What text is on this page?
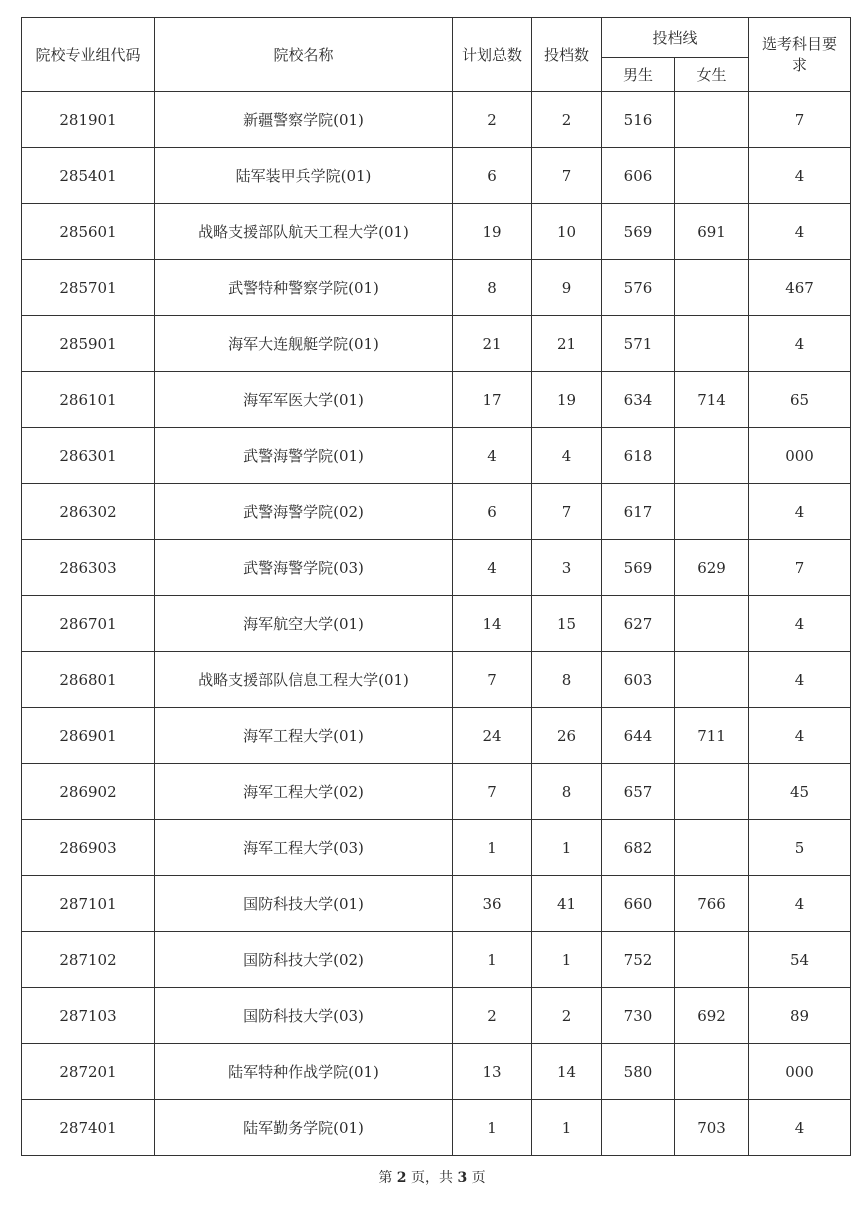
院校专业组代码	院校名称	计划总数	投档数	投档线		选考科目要求
				男生	女生	
281901	新疆警察学院(01)	2	2	516		7
285401	陆军装甲兵学院(01)	6	7	606		4
285601	战略支援部队航天工程大学(01)	19	10	569	691	4
285701	武警特种警察学院(01)	8	9	576		467
285901	海军大连舰艇学院(01)	21	21	571		4
286101	海军军医大学(01)	17	19	634	714	65
286301	武警海警学院(01)	4	4	618		000
286302	武警海警学院(02)	6	7	617		4
286303	武警海警学院(03)	4	3	569	629	7
286701	海军航空大学(01)	14	15	627		4
286801	战略支援部队信息工程大学(01)	7	8	603		4
286901	海军工程大学(01)	24	26	644	711	4
286902	海军工程大学(02)	7	8	657		45
286903	海军工程大学(03)	1	1	682		5
287101	国防科技大学(01)	36	41	660	766	4
287102	国防科技大学(02)	1	1	752		54
287103	国防科技大学(03)	2	2	730	692	89
287201	陆军特种作战学院(01)	13	14	580		000
287401	陆军勤务学院(01)	1	1		703	4
第 2 页，共 3 页
